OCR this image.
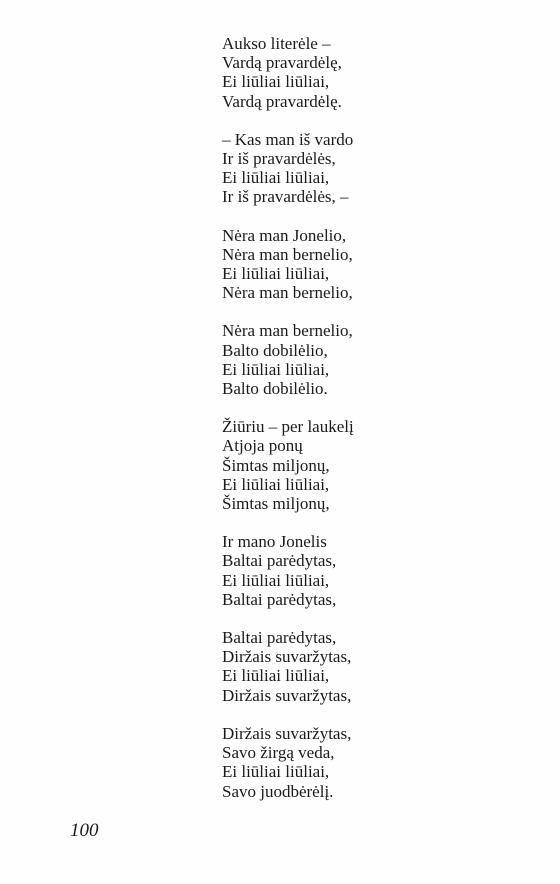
Aukso literėle –
Vardą pravardėlę,
Ei liūliai liūliai,
Vardą pravardėlę.
– Kas man iš vardo
Ir iš pravardėlės,
Ei liūliai liūliai,
Ir iš pravardėlės, –
Nėra man Jonelio,
Nėra man bernelio,
Ei liūliai liūliai,
Nėra man bernelio,
Nėra man bernelio,
Balto dobilėlio,
Ei liūliai liūliai,
Balto dobilėlio.
Žiūriu – per laukelį
Atjoja ponų
Šimtas miljonų,
Ei liūliai liūliai,
Šimtas miljonų,
Ir mano Jonelis
Baltai parėdytas,
Ei liūliai liūliai,
Baltai parėdytas,
Baltai parėdytas,
Diržais suvaržytas,
Ei liūliai liūliai,
Diržais suvaržytas,
Diržais suvaržytas,
Savo žirgą veda,
Ei liūliai liūliai,
Savo juodbėrėlį.
100
